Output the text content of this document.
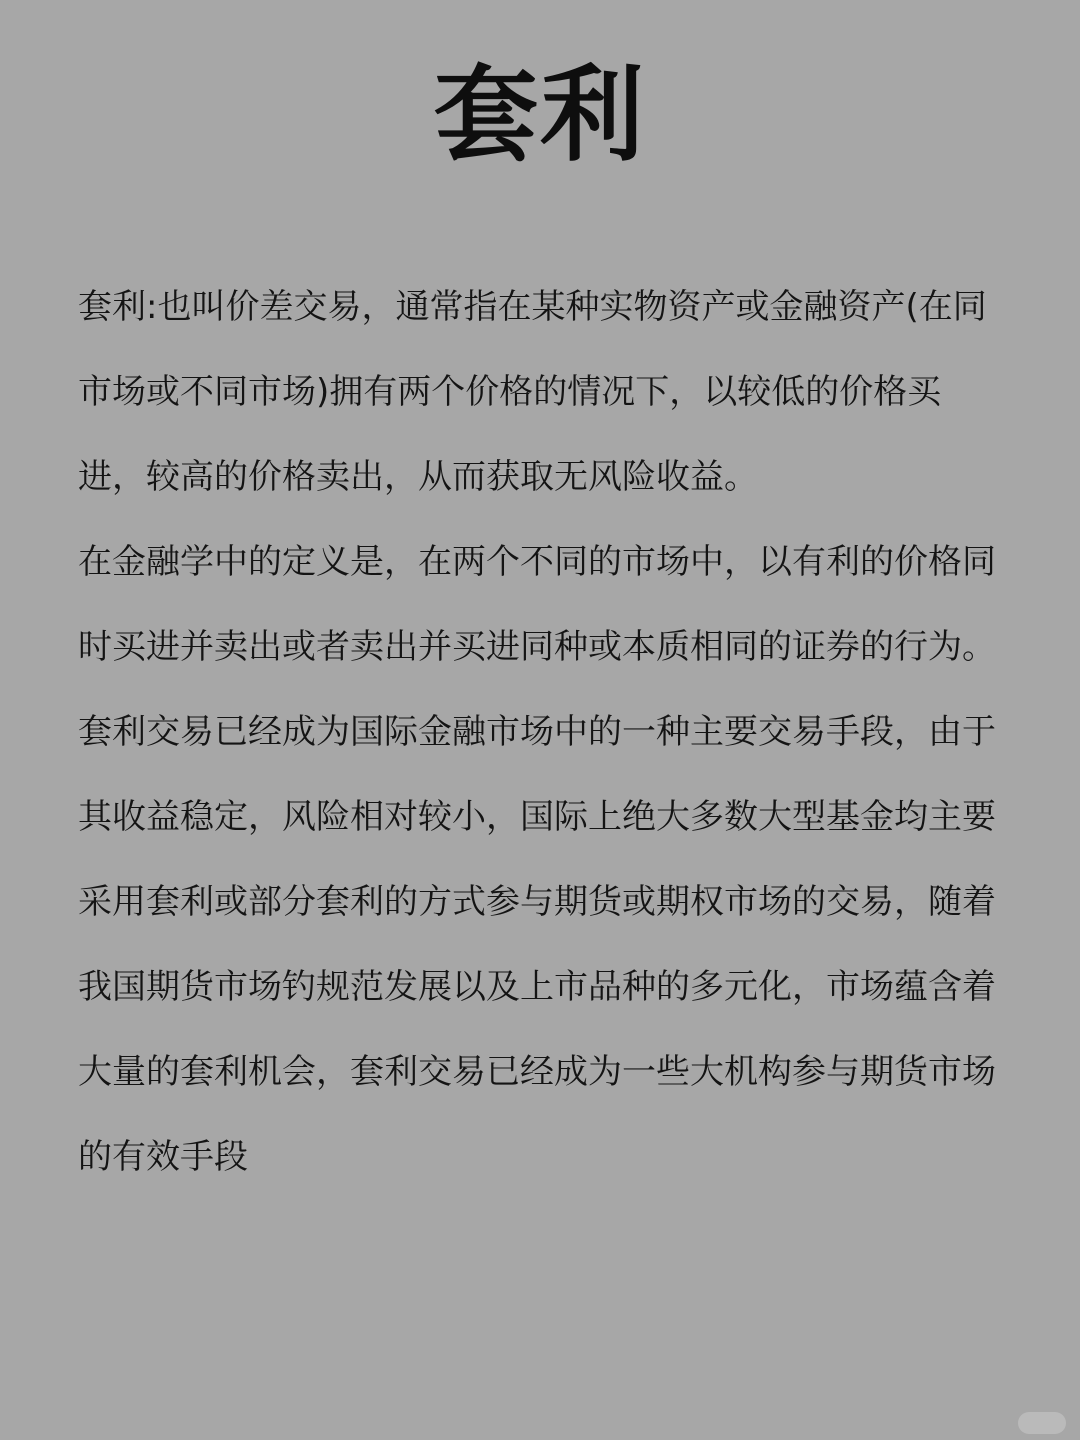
套利
套利:也叫价差交易，通常指在某种实物资产或金融资产(在同
市场或不同市场)拥有两个价格的情况下，以较低的价格买
进，较高的价格卖出，从而获取无风险收益。
在金融学中的定义是，在两个不同的市场中，以有利的价格同
时买进并卖出或者卖出并买进同种或本质相同的证券的行为。
套利交易已经成为国际金融市场中的一种主要交易手段，由于
其收益稳定，风险相对较小，国际上绝大多数大型基金均主要
采用套利或部分套利的方式参与期货或期权市场的交易，随着
我国期货市场钓规范发展以及上市品种的多元化，市场蕴含着
大量的套利机会，套利交易已经成为一些大机构参与期货市场
的有效手段
